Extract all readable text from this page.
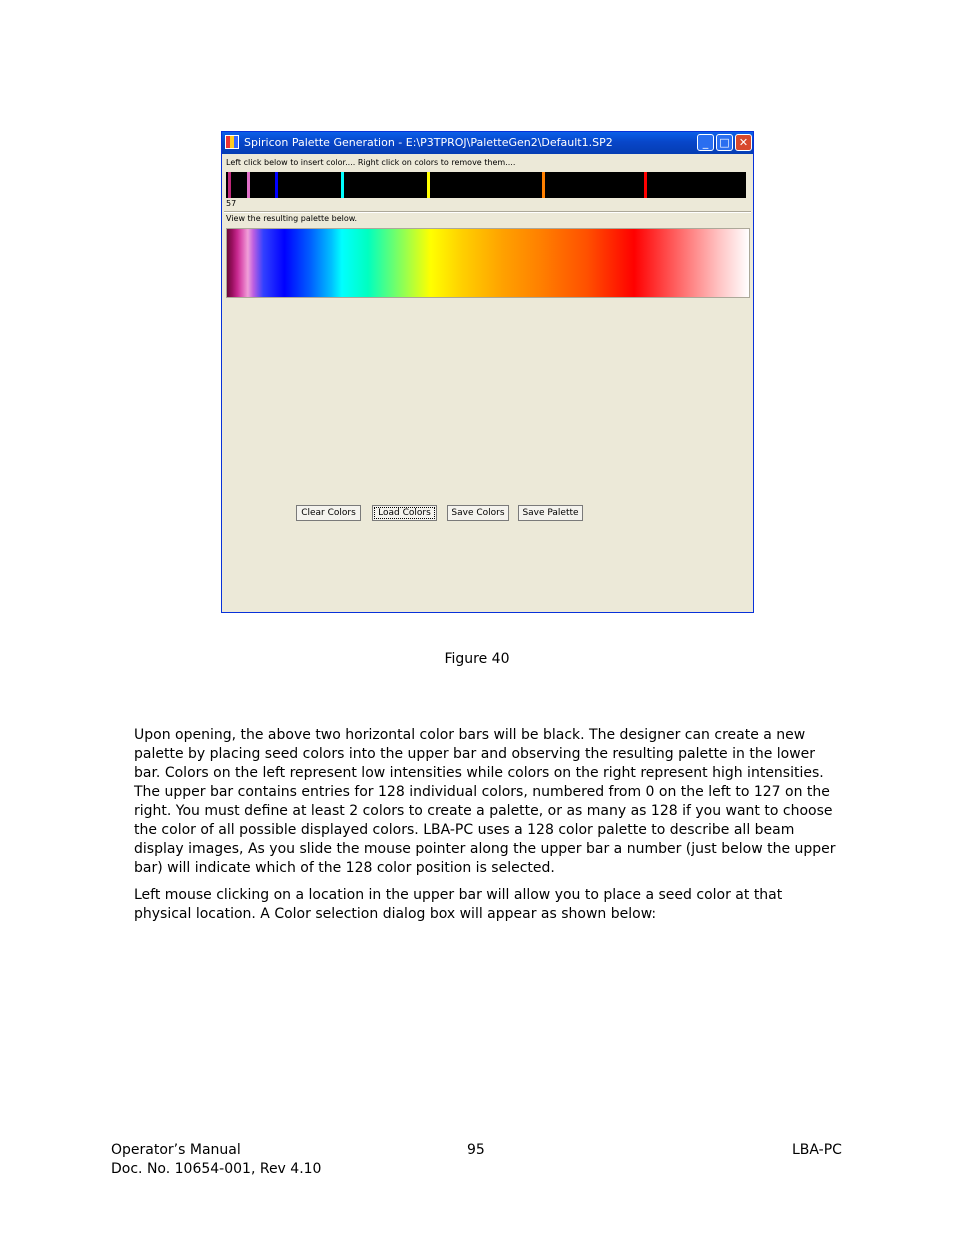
Spiricon Palette Generation - E:\P3TPROJ\PaletteGen2\Default1.SP2	_	□ ✕
Left click below to insert color.... Right click on colors to remove them....
57
View the resulting palette below.
Clear Colors	Load Colors	Save Colors	Save Palette
Figure 40

Upon opening, the above two horizontal color bars will be black. The designer can create a new palette by placing seed colors into the upper bar and observing the resulting palette in the lower bar. Colors on the left represent low intensities while colors on the right represent high intensities. The upper bar contains entries for 128 individual colors, numbered from 0 on the left to 127 on the right. You must define at least 2 colors to create a palette, or as many as 128 if you want to choose the color of all possible displayed colors. LBA-PC uses a 128 color palette to describe all beam display images, As you slide the mouse pointer along the upper bar a number (just below the upper bar) will indicate which of the 128 color position is selected.

Left mouse clicking on a location in the upper bar will allow you to place a seed color at that physical location. A Color selection dialog box will appear as shown below:

Operator’s Manual
Doc. No. 10654-001, Rev 4.10
95	LBA-PC
